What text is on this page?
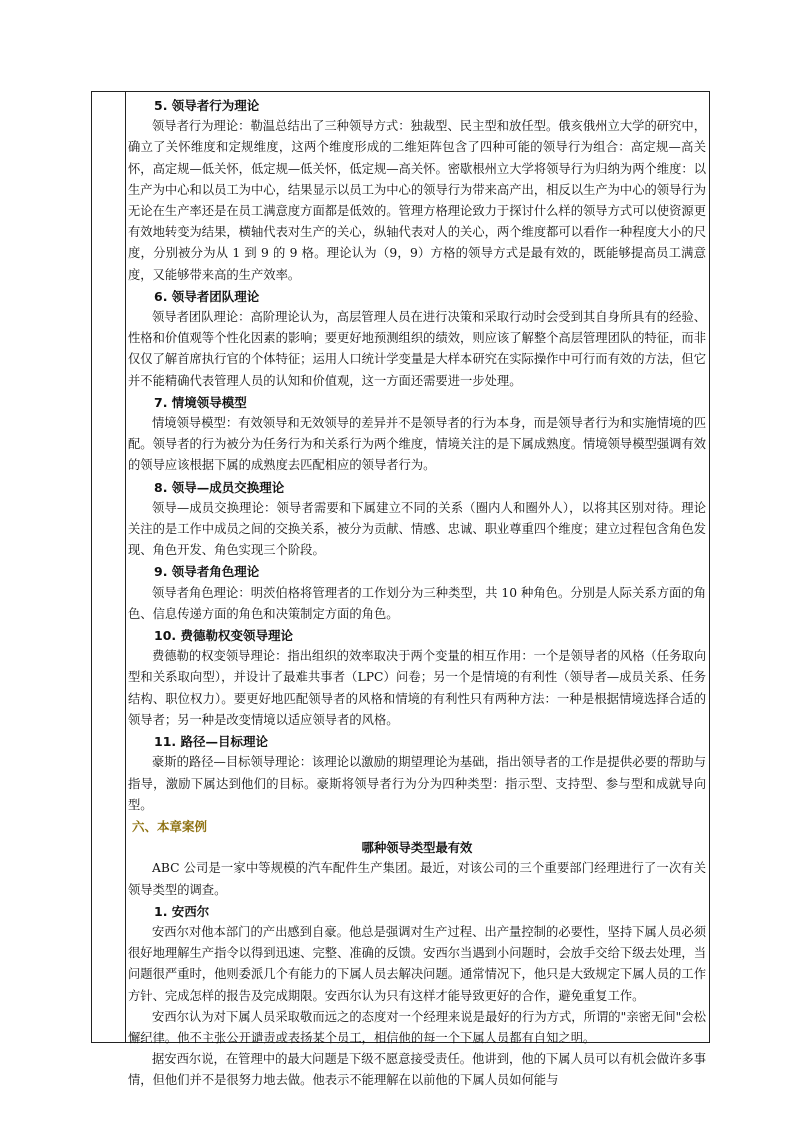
5. 领导者行为理论

领导者行为理论：勒温总结出了三种领导方式：独裁型、民主型和放任型。俄亥俄州立大学的研究中，确立了关怀维度和定规维度，这两个维度形成的二维矩阵包含了四种可能的领导行为组合：高定规—高关怀，高定规—低关怀，低定规—低关怀，低定规—高关怀。密歇根州立大学将领导行为归纳为两个维度：以生产为中心和以员工为中心，结果显示以员工为中心的领导行为带来高产出，相反以生产为中心的领导行为无论在生产率还是在员工满意度方面都是低效的。管理方格理论致力于探讨什么样的领导方式可以使资源更有效地转变为结果，横轴代表对生产的关心，纵轴代表对人的关心，两个维度都可以看作一种程度大小的尺度，分别被分为从 1 到 9 的 9 格。理论认为（9，9）方格的领导方式是最有效的，既能够提高员工满意度，又能够带来高的生产效率。

6. 领导者团队理论

领导者团队理论：高阶理论认为，高层管理人员在进行决策和采取行动时会受到其自身所具有的经验、性格和价值观等个性化因素的影响；要更好地预测组织的绩效，则应该了解整个高层管理团队的特征，而非仅仅了解首席执行官的个体特征；运用人口统计学变量是大样本研究在实际操作中可行而有效的方法，但它并不能精确代表管理人员的认知和价值观，这一方面还需要进一步处理。

7. 情境领导模型

情境领导模型：有效领导和无效领导的差异并不是领导者的行为本身，而是领导者行为和实施情境的匹配。领导者的行为被分为任务行为和关系行为两个维度，情境关注的是下属成熟度。情境领导模型强调有效的领导应该根据下属的成熟度去匹配相应的领导者行为。

8. 领导—成员交换理论

领导—成员交换理论：领导者需要和下属建立不同的关系（圈内人和圈外人），以将其区别对待。理论关注的是工作中成员之间的交换关系，被分为贡献、情感、忠诚、职业尊重四个维度；建立过程包含角色发现、角色开发、角色实现三个阶段。

9. 领导者角色理论

领导者角色理论：明茨伯格将管理者的工作划分为三种类型，共 10 种角色。分别是人际关系方面的角色、信息传递方面的角色和决策制定方面的角色。

10. 费德勒权变领导理论

费德勒的权变领导理论：指出组织的效率取决于两个变量的相互作用：一个是领导者的风格（任务取向型和关系取向型），并设计了最难共事者（LPC）问卷；另一个是情境的有利性（领导者—成员关系、任务结构、职位权力）。要更好地匹配领导者的风格和情境的有利性只有两种方法：一种是根据情境选择合适的领导者；另一种是改变情境以适应领导者的风格。

11. 路径—目标理论

豪斯的路径—目标领导理论：该理论以激励的期望理论为基础，指出领导者的工作是提供必要的帮助与指导，激励下属达到他们的目标。豪斯将领导者行为分为四种类型：指示型、支持型、参与型和成就导向型。

六、本章案例

哪种领导类型最有效

ABC 公司是一家中等规模的汽车配件生产集团。最近，对该公司的三个重要部门经理进行了一次有关领导类型的调查。

1. 安西尔

安西尔对他本部门的产出感到自豪。他总是强调对生产过程、出产量控制的必要性，坚持下属人员必须很好地理解生产指令以得到迅速、完整、准确的反馈。安西尔当遇到小问题时，会放手交给下级去处理，当问题很严重时，他则委派几个有能力的下属人员去解决问题。通常情况下，他只是大致规定下属人员的工作方针、完成怎样的报告及完成期限。安西尔认为只有这样才能导致更好的合作，避免重复工作。

安西尔认为对下属人员采取敬而远之的态度对一个经理来说是最好的行为方式，所谓的"亲密无间"会松懈纪律。他不主张公开谴责或表扬某个员工，相信他的每一个下属人员都有自知之明。

据安西尔说，在管理中的最大问题是下级不愿意接受责任。他讲到，他的下属人员可以有机会做许多事情，但他们并不是很努力地去做。他表示不能理解在以前他的下属人员如何能与
